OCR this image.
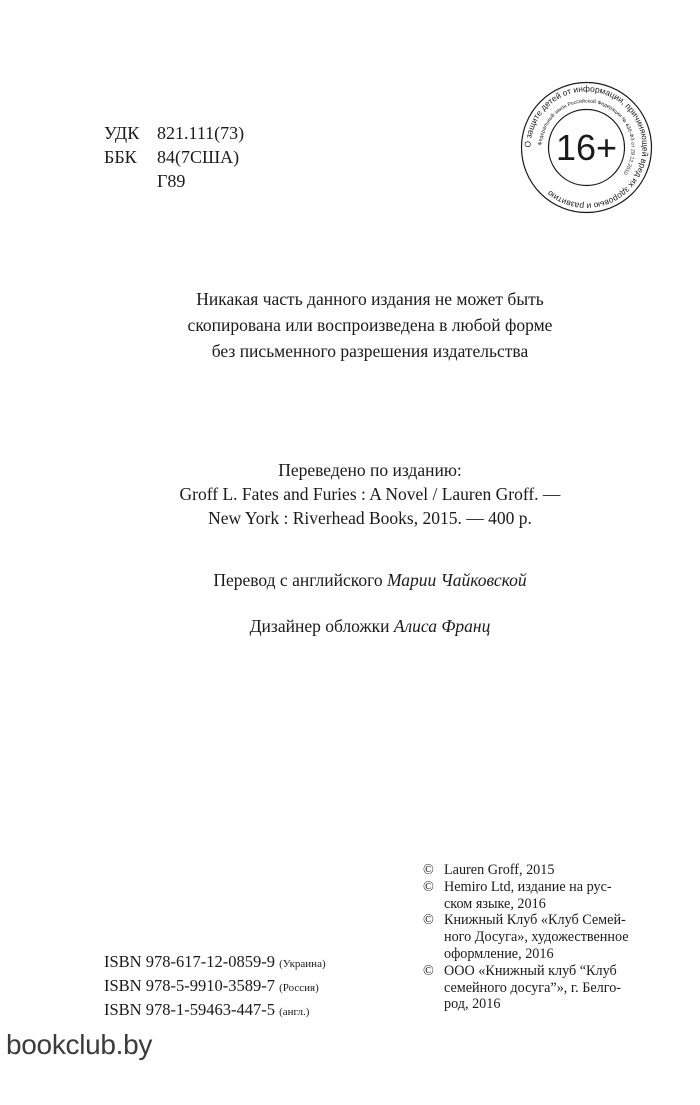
УДК 821.111(73)
ББК	84(7США)
Г89
О защите детей от информации, причиняющей вред их здоровью и развитию
Федеральный закон Российской Федерации № 436-ФЗ от 29.12.2010
16+
Никакая часть данного издания не может быть
скопирована или воспроизведена в любой форме
без письменного разрешения издательства
Переведено по изданию:
Groff L. Fates and Furies : A Novel / Lauren Groff. —
New York : Riverhead Books, 2015. — 400 p.
Перевод с английского Марии Чайковской
Дизайнер обложки Алиса Франц
© Lauren Groff, 2015
© Hemiro Ltd, издание на рус-
ском языке, 2016
© Книжный Клуб «Клуб Семей-
ного Досуга», художественное
оформление, 2016
© ООО «Книжный клуб “Клуб
семейного досуга”», г. Белго-
род, 2016
ISBN 978-617-12-0859-9 (Украина)
ISBN 978-5-9910-3589-7 (Россия)
ISBN 978-1-59463-447-5 (англ.)
bookclub.by
